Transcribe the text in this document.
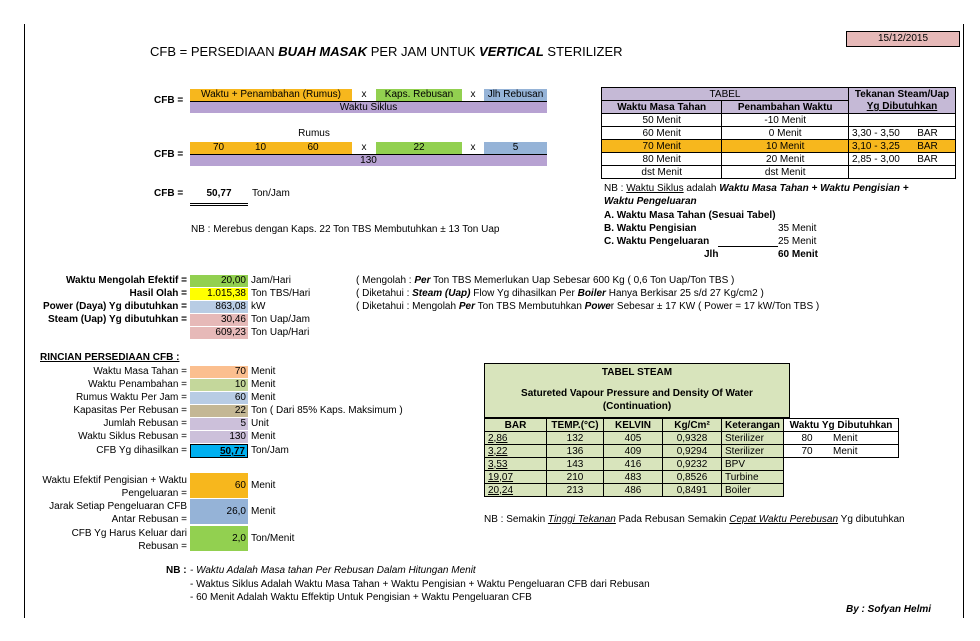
15/12/2015
CFB = PERSEDIAAN BUAH MASAK PER JAM UNTUK VERTICAL STERILIZER
CFB =
Waktu + Penambahan (Rumus)	x	Kaps. Rebusan	x	Jlh Rebusan
Waktu Siklus
Rumus
CFB =
70	10	60	x	22	x	5
130
CFB =	50,77	Ton/Jam
NB : Merebus dengan Kaps. 22 Ton TBS Membutuhkan ± 13 Ton Uap
TABEL		Tekanan Steam/Uap	
Waktu Masa Tahan	Penambahan Waktu	Yg Dibutuhkan	
50 Menit	-10 Menit		
60 Menit	0 Menit	3,30 - 3,50	BAR
70 Menit	10 Menit	3,10 - 3,25	BAR
80 Menit	20 Menit	2,85 - 3,00	BAR
dst Menit	dst Menit		
NB : Waktu Siklus adalah Waktu Masa Tahan + Waktu Pengisian +
Waktu Pengeluaran
A. Waktu Masa Tahan (Sesuai Tabel)
B. Waktu Pengisian	35 Menit
C. Waktu Pengeluaran	25 Menit
Jlh	60 Menit
Waktu Mengolah Efektif =	20,00 Jam/Hari
Hasil Olah =	1.015,38 Ton TBS/Hari
Power (Daya) Yg dibutuhkan =	863,08 kW
Steam (Uap) Yg dibutuhkan =	30,46 Ton Uap/Jam
609,23 Ton Uap/Hari
( Mengolah : Per Ton TBS Memerlukan Uap Sebesar 600 Kg ( 0,6 Ton Uap/Ton TBS )
( Diketahui : Steam (Uap) Flow Yg dihasilkan Per Boiler Hanya Berkisar 25 s/d 27 Kg/cm2 )
( Diketahui : Mengolah Per Ton TBS Membutuhkan Power Sebesar ± 17 KW ( Power = 17 kW/Ton TBS )
RINCIAN PERSEDIAAN CFB :
Waktu Masa Tahan =	70 Menit
Waktu Penambahan =	10 Menit
Rumus Waktu Per Jam =	60 Menit
Kapasitas Per Rebusan =	22 Ton ( Dari 85% Kaps. Maksimum )
Jumlah Rebusan =	5 Unit
Waktu Siklus Rebusan =	130 Menit
CFB Yg dihasilkan =	50,77 Ton/Jam
Waktu Efektif Pengisian + Waktu
Pengeluaran =
60 Menit
Jarak Setiap Pengeluaran CFB
Antar Rebusan =
26,0 Menit
CFB Yg Harus Keluar dari
Rebusan =
2,0 Ton/Menit
TABEL STEAM
Satureted Vapour Pressure and Density Of Water
(Continuation)
BAR	TEMP.(°C)	KELVIN	Kg/Cm²	Keterangan	Waktu Yg Dibutuhkan	
2,86	132	405	0,9328	Sterilizer	80	Menit
3,22	136	409	0,9294	Sterilizer	70	Menit
3,53	143	416	0,9232	BPV		
19,07	210	483	0,8526	Turbine		
20,24	213	486	0,8491	Boiler		
NB : Semakin Tinggi Tekanan Pada Rebusan Semakin Cepat Waktu Perebusan Yg dibutuhkan
NB : - Waktu Adalah Masa tahan Per Rebusan Dalam Hitungan Menit
- Waktus Siklus Adalah Waktu Masa Tahan + Waktu Pengisian + Waktu Pengeluaran CFB dari Rebusan
- 60 Menit Adalah Waktu Effektip Untuk Pengisian + Waktu Pengeluaran CFB
By : Sofyan Helmi
